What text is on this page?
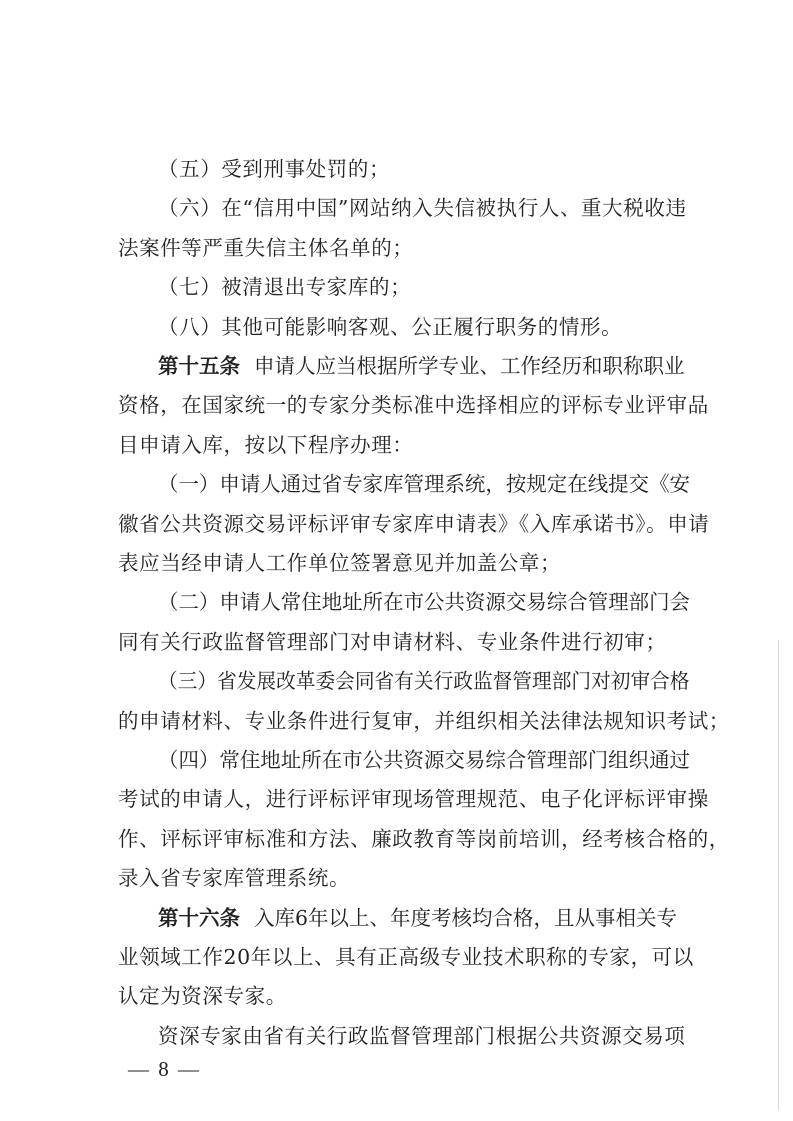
（五）受到刑事处罚的；
（六）在“信用中国”网站纳入失信被执行人、重大税收违
法案件等严重失信主体名单的；
（七）被清退出专家库的；
（八）其他可能影响客观、公正履行职务的情形。
第十五条 申请人应当根据所学专业、工作经历和职称职业
资格，在国家统一的专家分类标准中选择相应的评标专业评审品
目申请入库，按以下程序办理：
（一）申请人通过省专家库管理系统，按规定在线提交《安
徽省公共资源交易评标评审专家库申请表》《入库承诺书》。申请
表应当经申请人工作单位签署意见并加盖公章；
（二）申请人常住地址所在市公共资源交易综合管理部门会
同有关行政监督管理部门对申请材料、专业条件进行初审；
（三）省发展改革委会同省有关行政监督管理部门对初审合格
的申请材料、专业条件进行复审，并组织相关法律法规知识考试；
（四）常住地址所在市公共资源交易综合管理部门组织通过
考试的申请人，进行评标评审现场管理规范、电子化评标评审操
作、评标评审标准和方法、廉政教育等岗前培训，经考核合格的，
录入省专家库管理系统。
第十六条 入库6年以上、年度考核均合格，且从事相关专
业领域工作20年以上、具有正高级专业技术职称的专家，可以
认定为资深专家。
资深专家由省有关行政监督管理部门根据公共资源交易项
— 8 —
